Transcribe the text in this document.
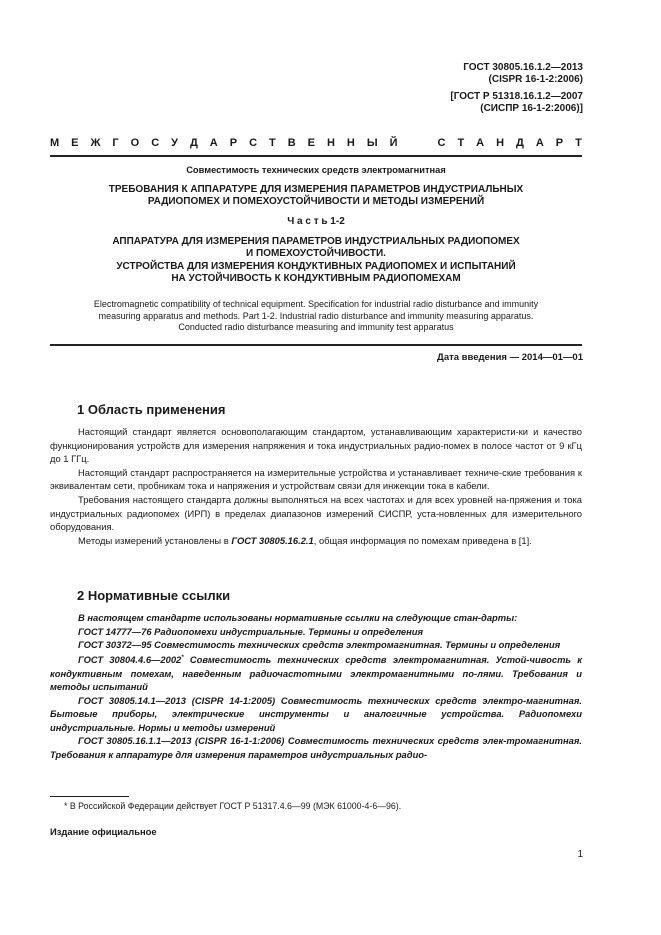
ГОСТ 30805.16.1.2—2013
(CISPR 16-1-2:2006)
[ГОСТ Р 51318.16.1.2—2007
(СИСПР 16-1-2:2006)]
М Е Ж Г О С У Д А Р С Т В Е Н Н Ы Й	С Т А Н Д А Р Т
Совместимость технических средств электромагнитная
ТРЕБОВАНИЯ К АППАРАТУРЕ ДЛЯ ИЗМЕРЕНИЯ ПАРАМЕТРОВ ИНДУСТРИАЛЬНЫХ
РАДИОПОМЕХ И ПОМЕХОУСТОЙЧИВОСТИ И МЕТОДЫ ИЗМЕРЕНИЙ
Ч а с т ь 1-2
АППАРАТУРА ДЛЯ ИЗМЕРЕНИЯ ПАРАМЕТРОВ ИНДУСТРИАЛЬНЫХ РАДИОПОМЕХ
И ПОМЕХОУСТОЙЧИВОСТИ.
УСТРОЙСТВА ДЛЯ ИЗМЕРЕНИЯ КОНДУКТИВНЫХ РАДИОПОМЕХ И ИСПЫТАНИЙ
НА УСТОЙЧИВОСТЬ К КОНДУКТИВНЫМ РАДИОПОМЕХАМ
Electromagnetic compatibility of technical equipment. Specification for industrial radio disturbance and immunity
measuring apparatus and methods. Part 1-2. Industrial radio disturbance and immunity measuring apparatus.
Conducted radio disturbance measuring and immunity test apparatus
Дата введения — 2014—01—01
1 Область применения

Настоящий стандарт является основополагающим стандартом, устанавливающим характеристи-ки и качество функционирования устройств для измерения напряжения и тока индустриальных радио-помех в полосе частот от 9 кГц до 1 ГГц.

Настоящий стандарт распространяется на измерительные устройства и устанавливает техниче-ские требования к эквивалентам сети, пробникам тока и напряжения и устройствам связи для инжекции тока в кабели.

Требования настоящего стандарта должны выполняться на всех частотах и для всех уровней на-пряжения и тока индустриальных радиопомех (ИРП) в пределах диапазонов измерений СИСПР, уста-новленных для измерительного оборудования.

Методы измерений установлены в ГОСТ 30805.16.2.1, общая информация по помехам приведена в [1].

2 Нормативные ссылки

В настоящем стандарте использованы нормативные ссылки на следующие стан-дарты:

ГОСТ 14777—76 Радиопомехи индустриальные. Термины и определения

ГОСТ 30372—95 Совместимость технических средств электромагнитная. Термины и определения

ГОСТ 30804.4.6—2002* Совместимость технических средств электромагнитная. Устой-чивость к кондуктивным помехам, наведенным радиочастотными электромагнитными по-лями. Требования и методы испытаний

ГОСТ 30805.14.1—2013 (CISPR 14-1:2005) Совместимость технических средств электро-магнитная. Бытовые приборы, электрические инструменты и аналогичные устройства. Радиопомехи индустриальные. Нормы и методы измерений

ГОСТ 30805.16.1.1—2013 (CISPR 16-1-1:2006) Совместимость технических средств элек-тромагнитная. Требования к аппаратуре для измерения параметров индустриальных радио-

* В Российской Федерации действует ГОСТ Р 51317.4.6—99 (МЭК 61000-4-6—96).
Издание официальное
1
